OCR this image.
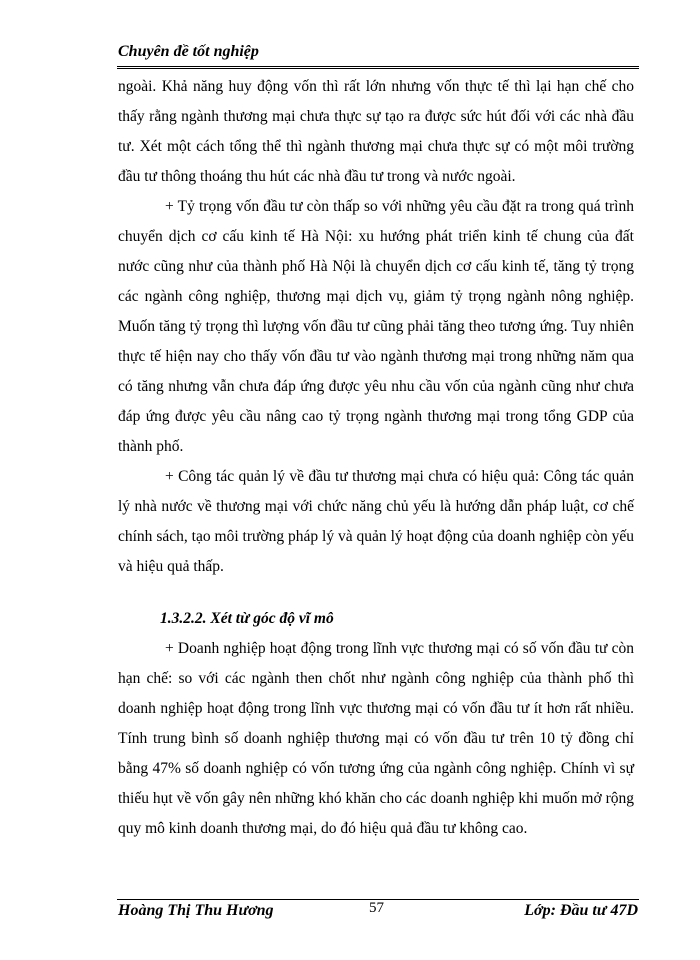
Chuyên đề tốt nghiệp

ngoài. Khả năng huy động vốn thì rất lớn nhưng vốn thực tế thì lại hạn chế cho thấy rằng ngành thương mại chưa thực sự tạo ra được sức hút đối với các nhà đầu tư. Xét một cách tổng thể thì ngành thương mại chưa thực sự có một môi trường đầu tư thông thoáng thu hút các nhà đầu tư trong và nước ngoài.

+ Tỷ trọng vốn đầu tư còn thấp so với những yêu cầu đặt ra trong quá trình chuyển dịch cơ cấu kinh tế Hà Nội: xu hướng phát triển kinh tế chung của đất nước cũng như của thành phố Hà Nội là chuyển dịch cơ cấu kinh tế, tăng tỷ trọng các ngành công nghiệp, thương mại dịch vụ, giảm tỷ trọng ngành nông nghiệp. Muốn tăng tỷ trọng thì lượng vốn đầu tư cũng phải tăng theo tương ứng. Tuy nhiên thực tế hiện nay cho thấy vốn đầu tư vào ngành thương mại trong những năm qua có tăng nhưng vẫn chưa đáp ứng được yêu nhu cầu vốn của ngành cũng như chưa đáp ứng được yêu cầu nâng cao tỷ trọng ngành thương mại trong tổng GDP của thành phố.

+ Công tác quản lý về đầu tư thương mại chưa có hiệu quả: Công tác quản lý nhà nước về thương mại với chức năng chủ yếu là hướng dẫn pháp luật, cơ chế chính sách, tạo môi trường pháp lý và quản lý hoạt động của doanh nghiệp còn yếu và hiệu quả thấp.

1.3.2.2. Xét từ góc độ vĩ mô

+ Doanh nghiệp hoạt động trong lĩnh vực thương mại có số vốn đầu tư còn hạn chế: so với các ngành then chốt như ngành công nghiệp của thành phố thì doanh nghiệp hoạt động trong lĩnh vực thương mại có vốn đầu tư ít hơn rất nhiều. Tính trung bình số doanh nghiệp thương mại có vốn đầu tư trên 10 tỷ đồng chỉ bằng 47% số doanh nghiệp có vốn tương ứng của ngành công nghiệp. Chính vì sự thiếu hụt về vốn gây nên những khó khăn cho các doanh nghiệp khi muốn mở rộng quy mô kinh doanh thương mại, do đó hiệu quả đầu tư không cao.

Hoàng Thị Thu Hương	57	Lớp: Đầu tư 47D
